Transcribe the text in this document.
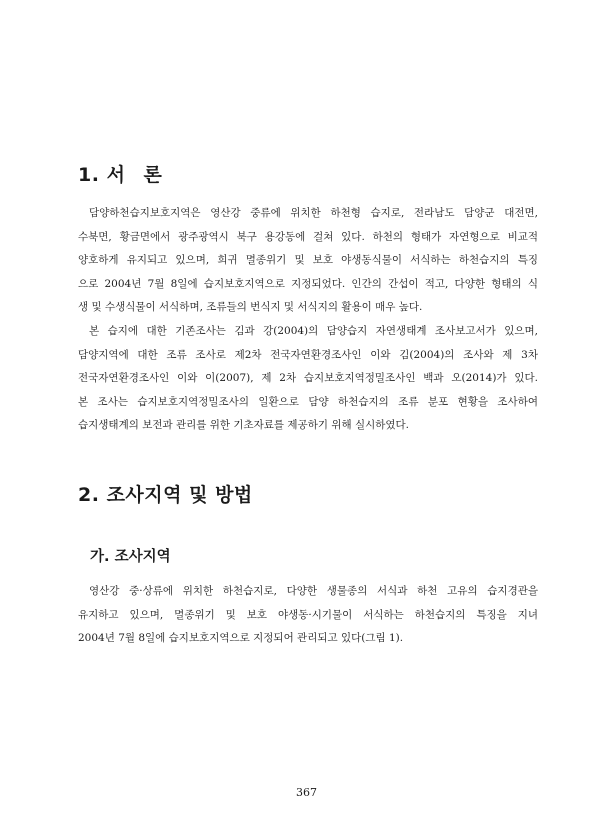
1. 서 론
담양하천습지보호지역은 영산강 중류에 위치한 하천형 습지로, 전라남도 담양군 대전면,
수북면, 황금면에서 광주광역시 북구 용강동에 걸쳐 있다. 하천의 형태가 자연형으로 비교적
양호하게 유지되고 있으며, 희귀 멸종위기 및 보호 야생동식물이 서식하는 하천습지의 특징
으로 2004년 7월 8일에 습지보호지역으로 지정되었다. 인간의 간섭이 적고, 다양한 형태의 식
생 및 수생식물이 서식하며, 조류들의 번식지 및 서식지의 활용이 매우 높다.
본 습지에 대한 기존조사는 김과 강(2004)의 담양습지 자연생태계 조사보고서가 있으며,
담양지역에 대한 조류 조사로 제2차 전국자연환경조사인 이와 김(2004)의 조사와 제 3차
전국자연환경조사인 이와 이(2007), 제 2차 습지보호지역정밀조사인 백과 오(2014)가 있다.
본 조사는 습지보호지역정밀조사의 일환으로 담양 하천습지의 조류 분포 현황을 조사하여
습지생태계의 보전과 관리를 위한 기초자료를 제공하기 위해 실시하였다.
2. 조사지역 및 방법
가. 조사지역
영산강 중·상류에 위치한 하천습지로, 다양한 생물종의 서식과 하천 고유의 습지경관을
유지하고 있으며, 멸종위기 및 보호 야생동·시기물이 서식하는 하천습지의 특징을 지녀
2004년 7월 8일에 습지보호지역으로 지정되어 관리되고 있다(그림 1).

367
